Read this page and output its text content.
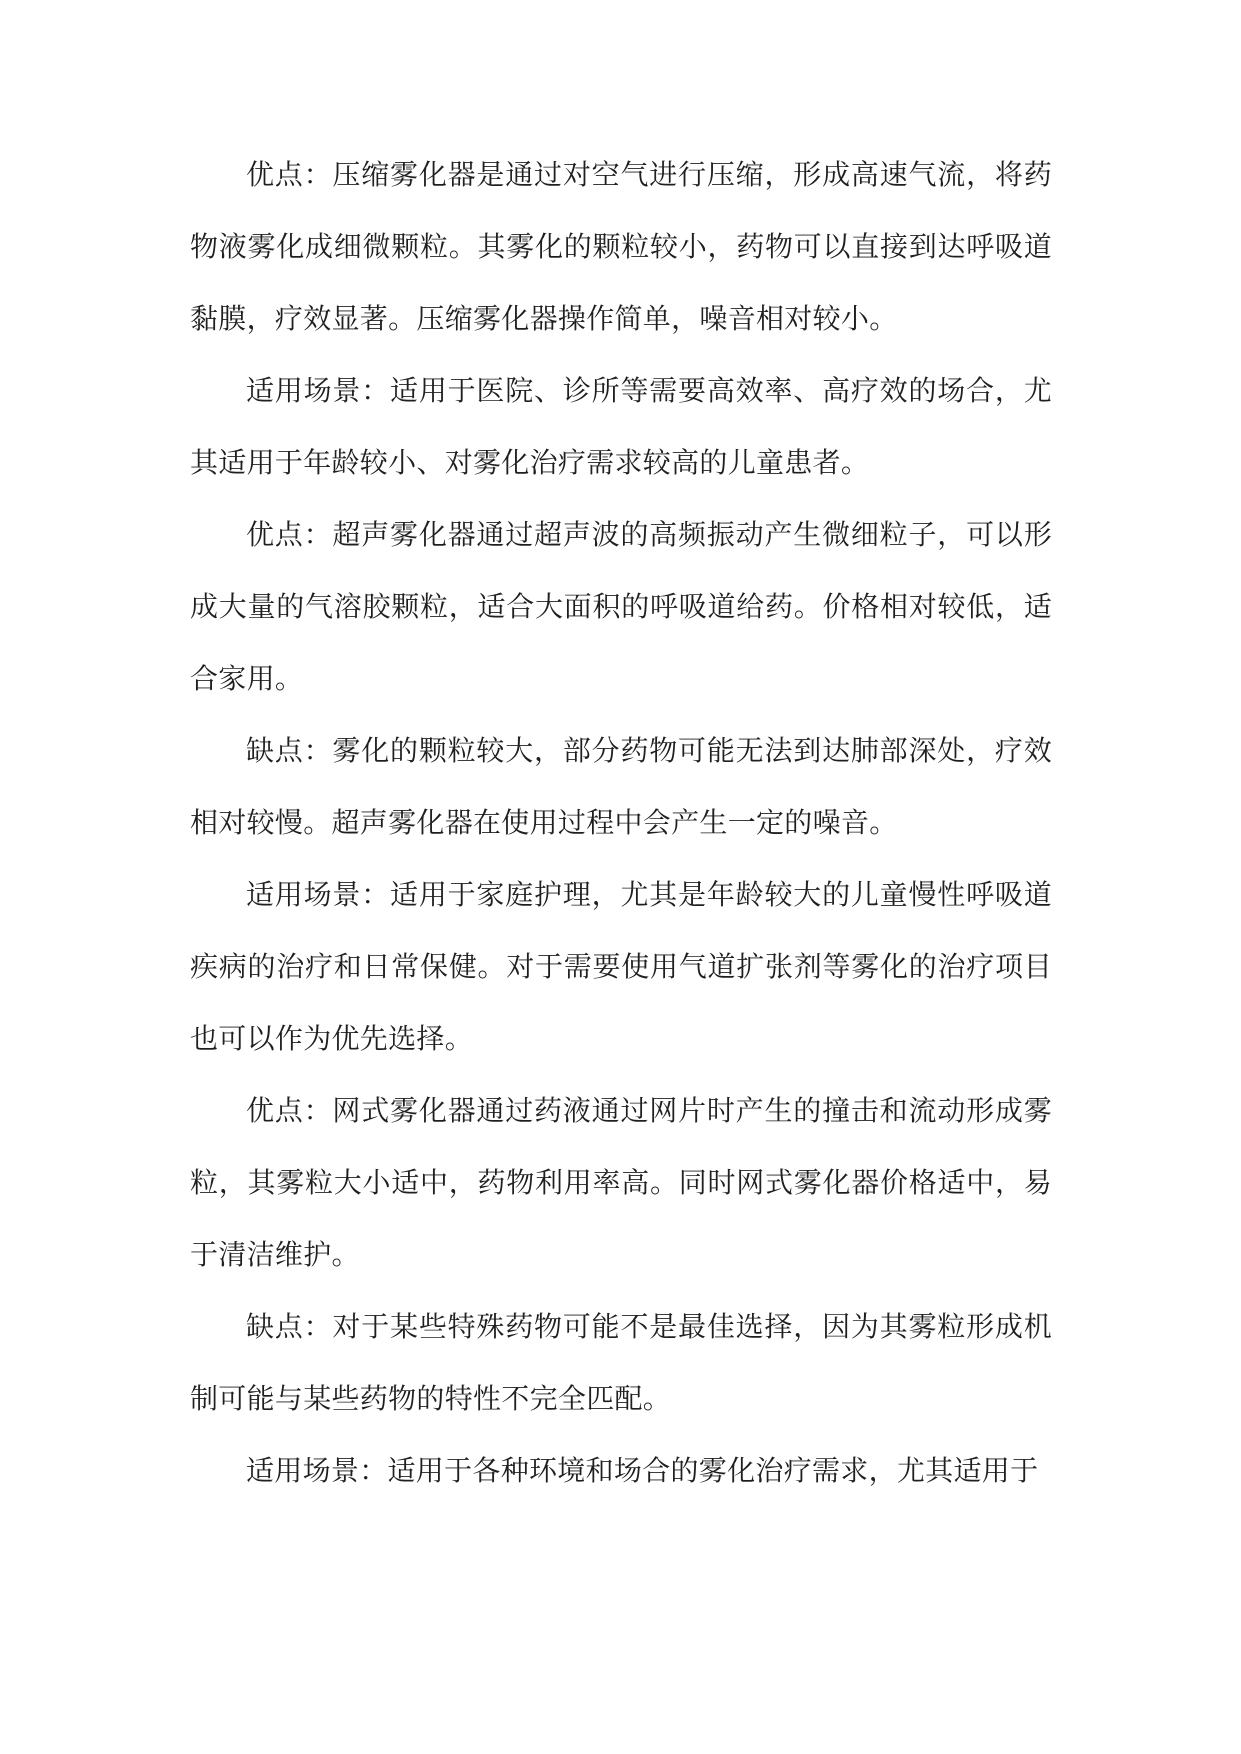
优点：压缩雾化器是通过对空气进行压缩，形成高速气流，将药物液雾化成细微颗粒。其雾化的颗粒较小，药物可以直接到达呼吸道黏膜，疗效显著。压缩雾化器操作简单，噪音相对较小。

适用场景：适用于医院、诊所等需要高效率、高疗效的场合，尤其适用于年龄较小、对雾化治疗需求较高的儿童患者。

优点：超声雾化器通过超声波的高频振动产生微细粒子，可以形成大量的气溶胶颗粒，适合大面积的呼吸道给药。价格相对较低，适合家用。

缺点：雾化的颗粒较大，部分药物可能无法到达肺部深处，疗效相对较慢。超声雾化器在使用过程中会产生一定的噪音。

适用场景：适用于家庭护理，尤其是年龄较大的儿童慢性呼吸道疾病的治疗和日常保健。对于需要使用气道扩张剂等雾化的治疗项目也可以作为优先选择。

优点：网式雾化器通过药液通过网片时产生的撞击和流动形成雾粒，其雾粒大小适中，药物利用率高。同时网式雾化器价格适中，易于清洁维护。

缺点：对于某些特殊药物可能不是最佳选择，因为其雾粒形成机制可能与某些药物的特性不完全匹配。

适用场景：适用于各种环境和场合的雾化治疗需求，尤其适用于
